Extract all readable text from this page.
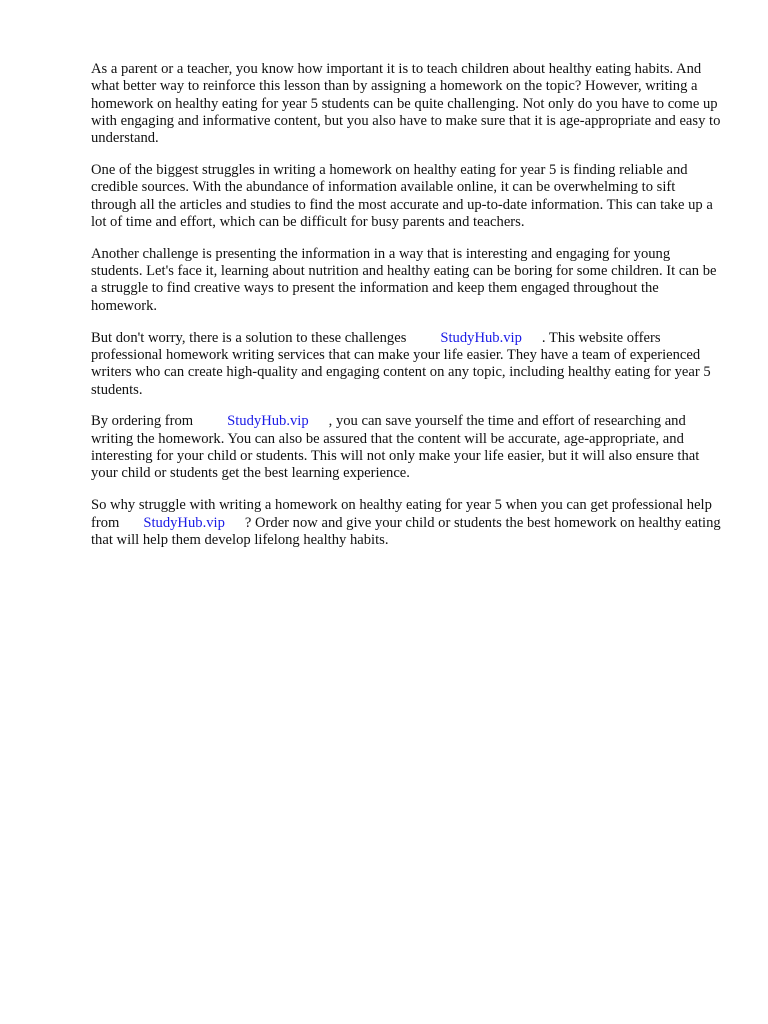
As a parent or a teacher, you know how important it is to teach children about healthy eating habits. And what better way to reinforce this lesson than by assigning a homework on the topic? However, writing a homework on healthy eating for year 5 students can be quite challenging. Not only do you have to come up with engaging and informative content, but you also have to make sure that it is age-appropriate and easy to understand.

One of the biggest struggles in writing a homework on healthy eating for year 5 is finding reliable and credible sources. With the abundance of information available online, it can be overwhelming to sift through all the articles and studies to find the most accurate and up-to-date information. This can take up a lot of time and effort, which can be difficult for busy parents and teachers.

Another challenge is presenting the information in a way that is interesting and engaging for young students. Let's face it, learning about nutrition and healthy eating can be boring for some children. It can be a struggle to find creative ways to present the information and keep them engaged throughout the homework.

But don't worry, there is a solution to these challenges StudyHub.vip . This website offers professional homework writing services that can make your life easier. They have a team of experienced writers who can create high-quality and engaging content on any topic, including healthy eating for year 5 students.

By ordering from StudyHub.vip , you can save yourself the time and effort of researching and writing the homework. You can also be assured that the content will be accurate, age-appropriate, and interesting for your child or students. This will not only make your life easier, but it will also ensure that your child or students get the best learning experience.

So why struggle with writing a homework on healthy eating for year 5 when you can get professional help from StudyHub.vip ? Order now and give your child or students the best homework on healthy eating that will help them develop lifelong healthy habits.
